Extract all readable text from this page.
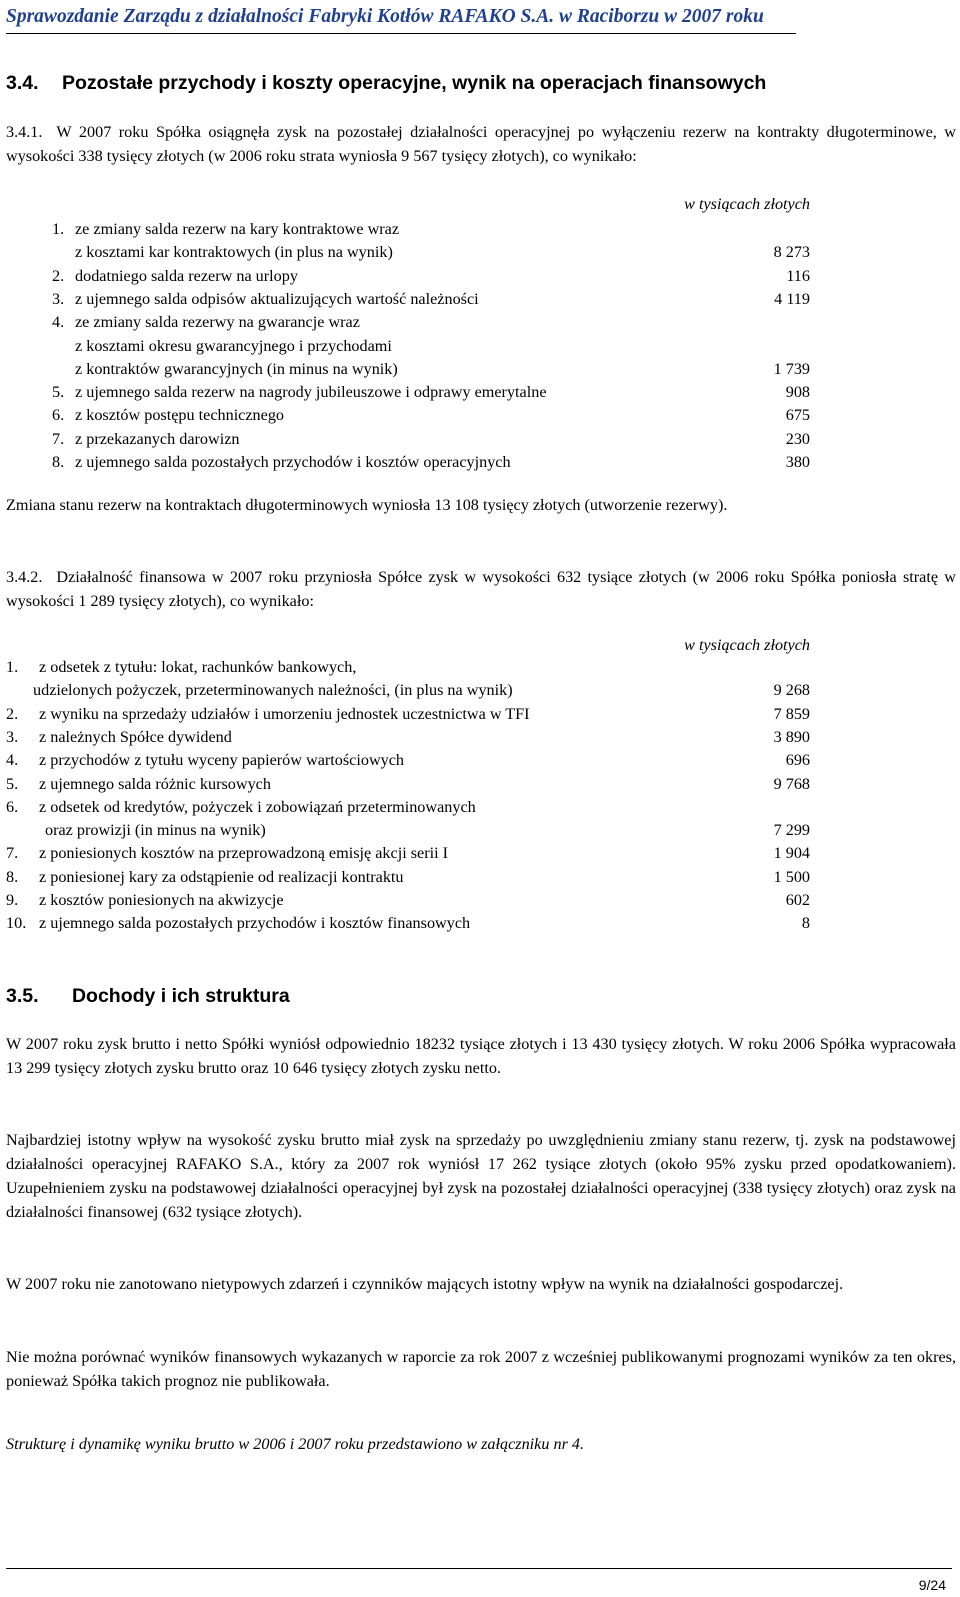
Sprawozdanie Zarządu z działalności Fabryki Kotłów RAFAKO S.A. w Raciborzu w 2007 roku
3.4. Pozostałe przychody i koszty operacyjne, wynik na operacjach finansowych
3.4.1. W 2007 roku Spółka osiągnęła zysk na pozostałej działalności operacyjnej po wyłączeniu rezerw na kontrakty długoterminowe, w wysokości 338 tysięcy złotych (w 2006 roku strata wyniosła 9 567 tysięcy złotych), co wynikało:
w tysiącach złotych
1. ze zmiany salda rezerw na kary kontraktowe wraz
z kosztami kar kontraktowych (in plus na wynik)	8 273
2. dodatniego salda rezerw na urlopy	116
3. z ujemnego salda odpisów aktualizujących wartość należności	4 119
4. ze zmiany salda rezerwy na gwarancje wraz
z kosztami okresu gwarancyjnego i przychodami
z kontraktów gwarancyjnych (in minus na wynik)	1 739
5. z ujemnego salda rezerw na nagrody jubileuszowe i odprawy emerytalne	908
6. z kosztów postępu technicznego	675
7. z przekazanych darowizn	230
8. z ujemnego salda pozostałych przychodów i kosztów operacyjnych	380
Zmiana stanu rezerw na kontraktach długoterminowych wyniosła 13 108 tysięcy złotych (utworzenie rezerwy).
3.4.2. Działalność finansowa w 2007 roku przyniosła Spółce zysk w wysokości 632 tysiące złotych (w 2006 roku Spółka poniosła stratę w wysokości 1 289 tysięcy złotych), co wynikało:
w tysiącach złotych
1. z odsetek z tytułu: lokat, rachunków bankowych,
udzielonych pożyczek, przeterminowanych należności, (in plus na wynik)	9 268
2. z wyniku na sprzedaży udziałów i umorzeniu jednostek uczestnictwa w TFI	7 859
3. z należnych Spółce dywidend	3 890
4. z przychodów z tytułu wyceny papierów wartościowych	696
5. z ujemnego salda różnic kursowych	9 768
6. z odsetek od kredytów, pożyczek i zobowiązań przeterminowanych
oraz prowizji (in minus na wynik)	7 299
7. z poniesionych kosztów na przeprowadzoną emisję akcji serii I	1 904
8. z poniesionej kary za odstąpienie od realizacji kontraktu	1 500
9. z kosztów poniesionych na akwizycje	602
10. z ujemnego salda pozostałych przychodów i kosztów finansowych	8
3.5. Dochody i ich struktura
W 2007 roku zysk brutto i netto Spółki wyniósł odpowiednio 18232 tysiące złotych i 13 430 tysięcy złotych. W roku 2006 Spółka wypracowała 13 299 tysięcy złotych zysku brutto oraz 10 646 tysięcy złotych zysku netto.
Najbardziej istotny wpływ na wysokość zysku brutto miał zysk na sprzedaży po uwzględnieniu zmiany stanu rezerw, tj. zysk na podstawowej działalności operacyjnej RAFAKO S.A., który za 2007 rok wyniósł 17 262 tysiące złotych (około 95% zysku przed opodatkowaniem). Uzupełnieniem zysku na podstawowej działalności operacyjnej był zysk na pozostałej działalności operacyjnej (338 tysięcy złotych) oraz zysk na działalności finansowej (632 tysiące złotych).
W 2007 roku nie zanotowano nietypowych zdarzeń i czynników mających istotny wpływ na wynik na działalności gospodarczej.
Nie można porównać wyników finansowych wykazanych w raporcie za rok 2007 z wcześniej publikowanymi prognozami wyników za ten okres, ponieważ Spółka takich prognoz nie publikowała.
Strukturę i dynamikę wyniku brutto w 2006 i 2007 roku przedstawiono w załączniku nr 4.
9/24
